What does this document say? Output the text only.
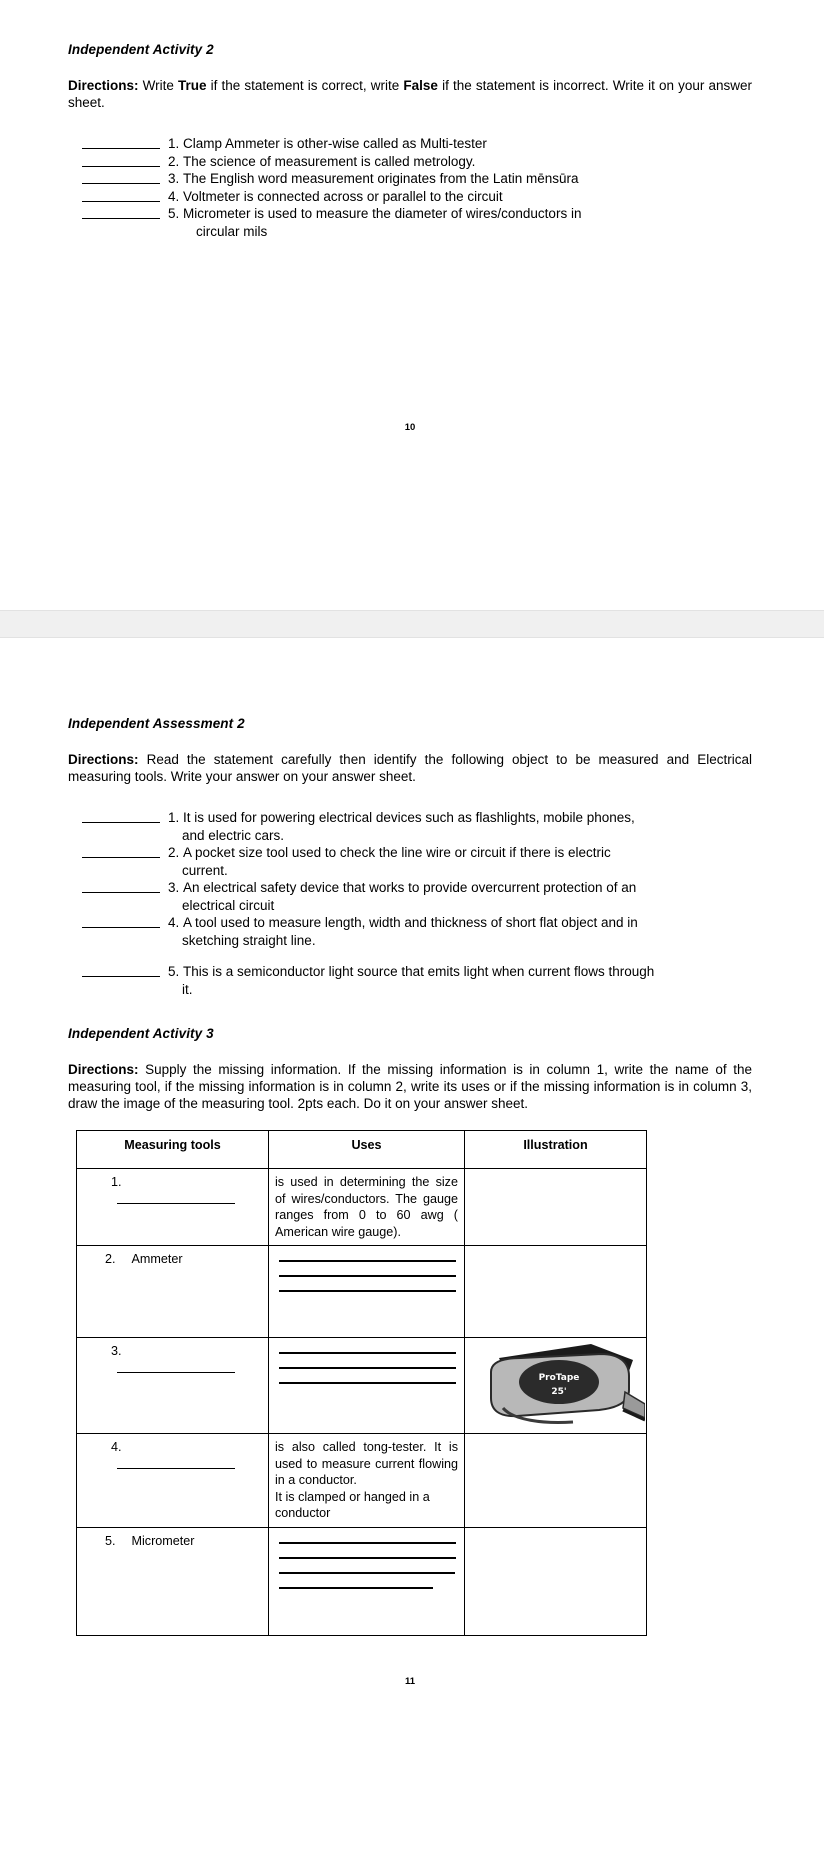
Independent Activity 2

Directions: Write True if the statement is correct, write False if the statement is incorrect. Write it on your answer sheet.

1. Clamp Ammeter is other-wise called as Multi-tester
2. The science of measurement is called metrology.
3. The English word measurement originates from the Latin mēnsūra
4. Voltmeter is connected across or parallel to the circuit
5. Micrometer is used to measure the diameter of wires/conductors in
circular mils
10
Independent Assessment 2

Directions: Read the statement carefully then identify the following object to be measured and Electrical measuring tools. Write your answer on your answer sheet.

1. It is used for powering electrical devices such as flashlights, mobile phones,
and electric cars.
2. A pocket size tool used to check the line wire or circuit if there is electric
current.
3. An electrical safety device that works to provide overcurrent protection of an
electrical circuit
4. A tool used to measure length, width and thickness of short flat object and in
sketching straight line.
5. This is a semiconductor light source that emits light when current flows through
it.
Independent Activity 3

Directions: Supply the missing information. If the missing information is in column 1, write the name of the measuring tool, if the missing information is in column 2, write its uses or if the missing information is in column 3, draw the image of the measuring tool. 2pts each. Do it on your answer sheet.

Measuring tools	Uses	Illustration
1.	is used in determining the size of wires/conductors. The gauge ranges from 0 to 60 awg ( American wire gauge).	
2. Ammeter	

3.		ProTape
25'

4.	is also called tong-tester. It is used to measure current flowing in a conductor.
It is clamped or hanged in a conductor	

5. Micrometer	

11
